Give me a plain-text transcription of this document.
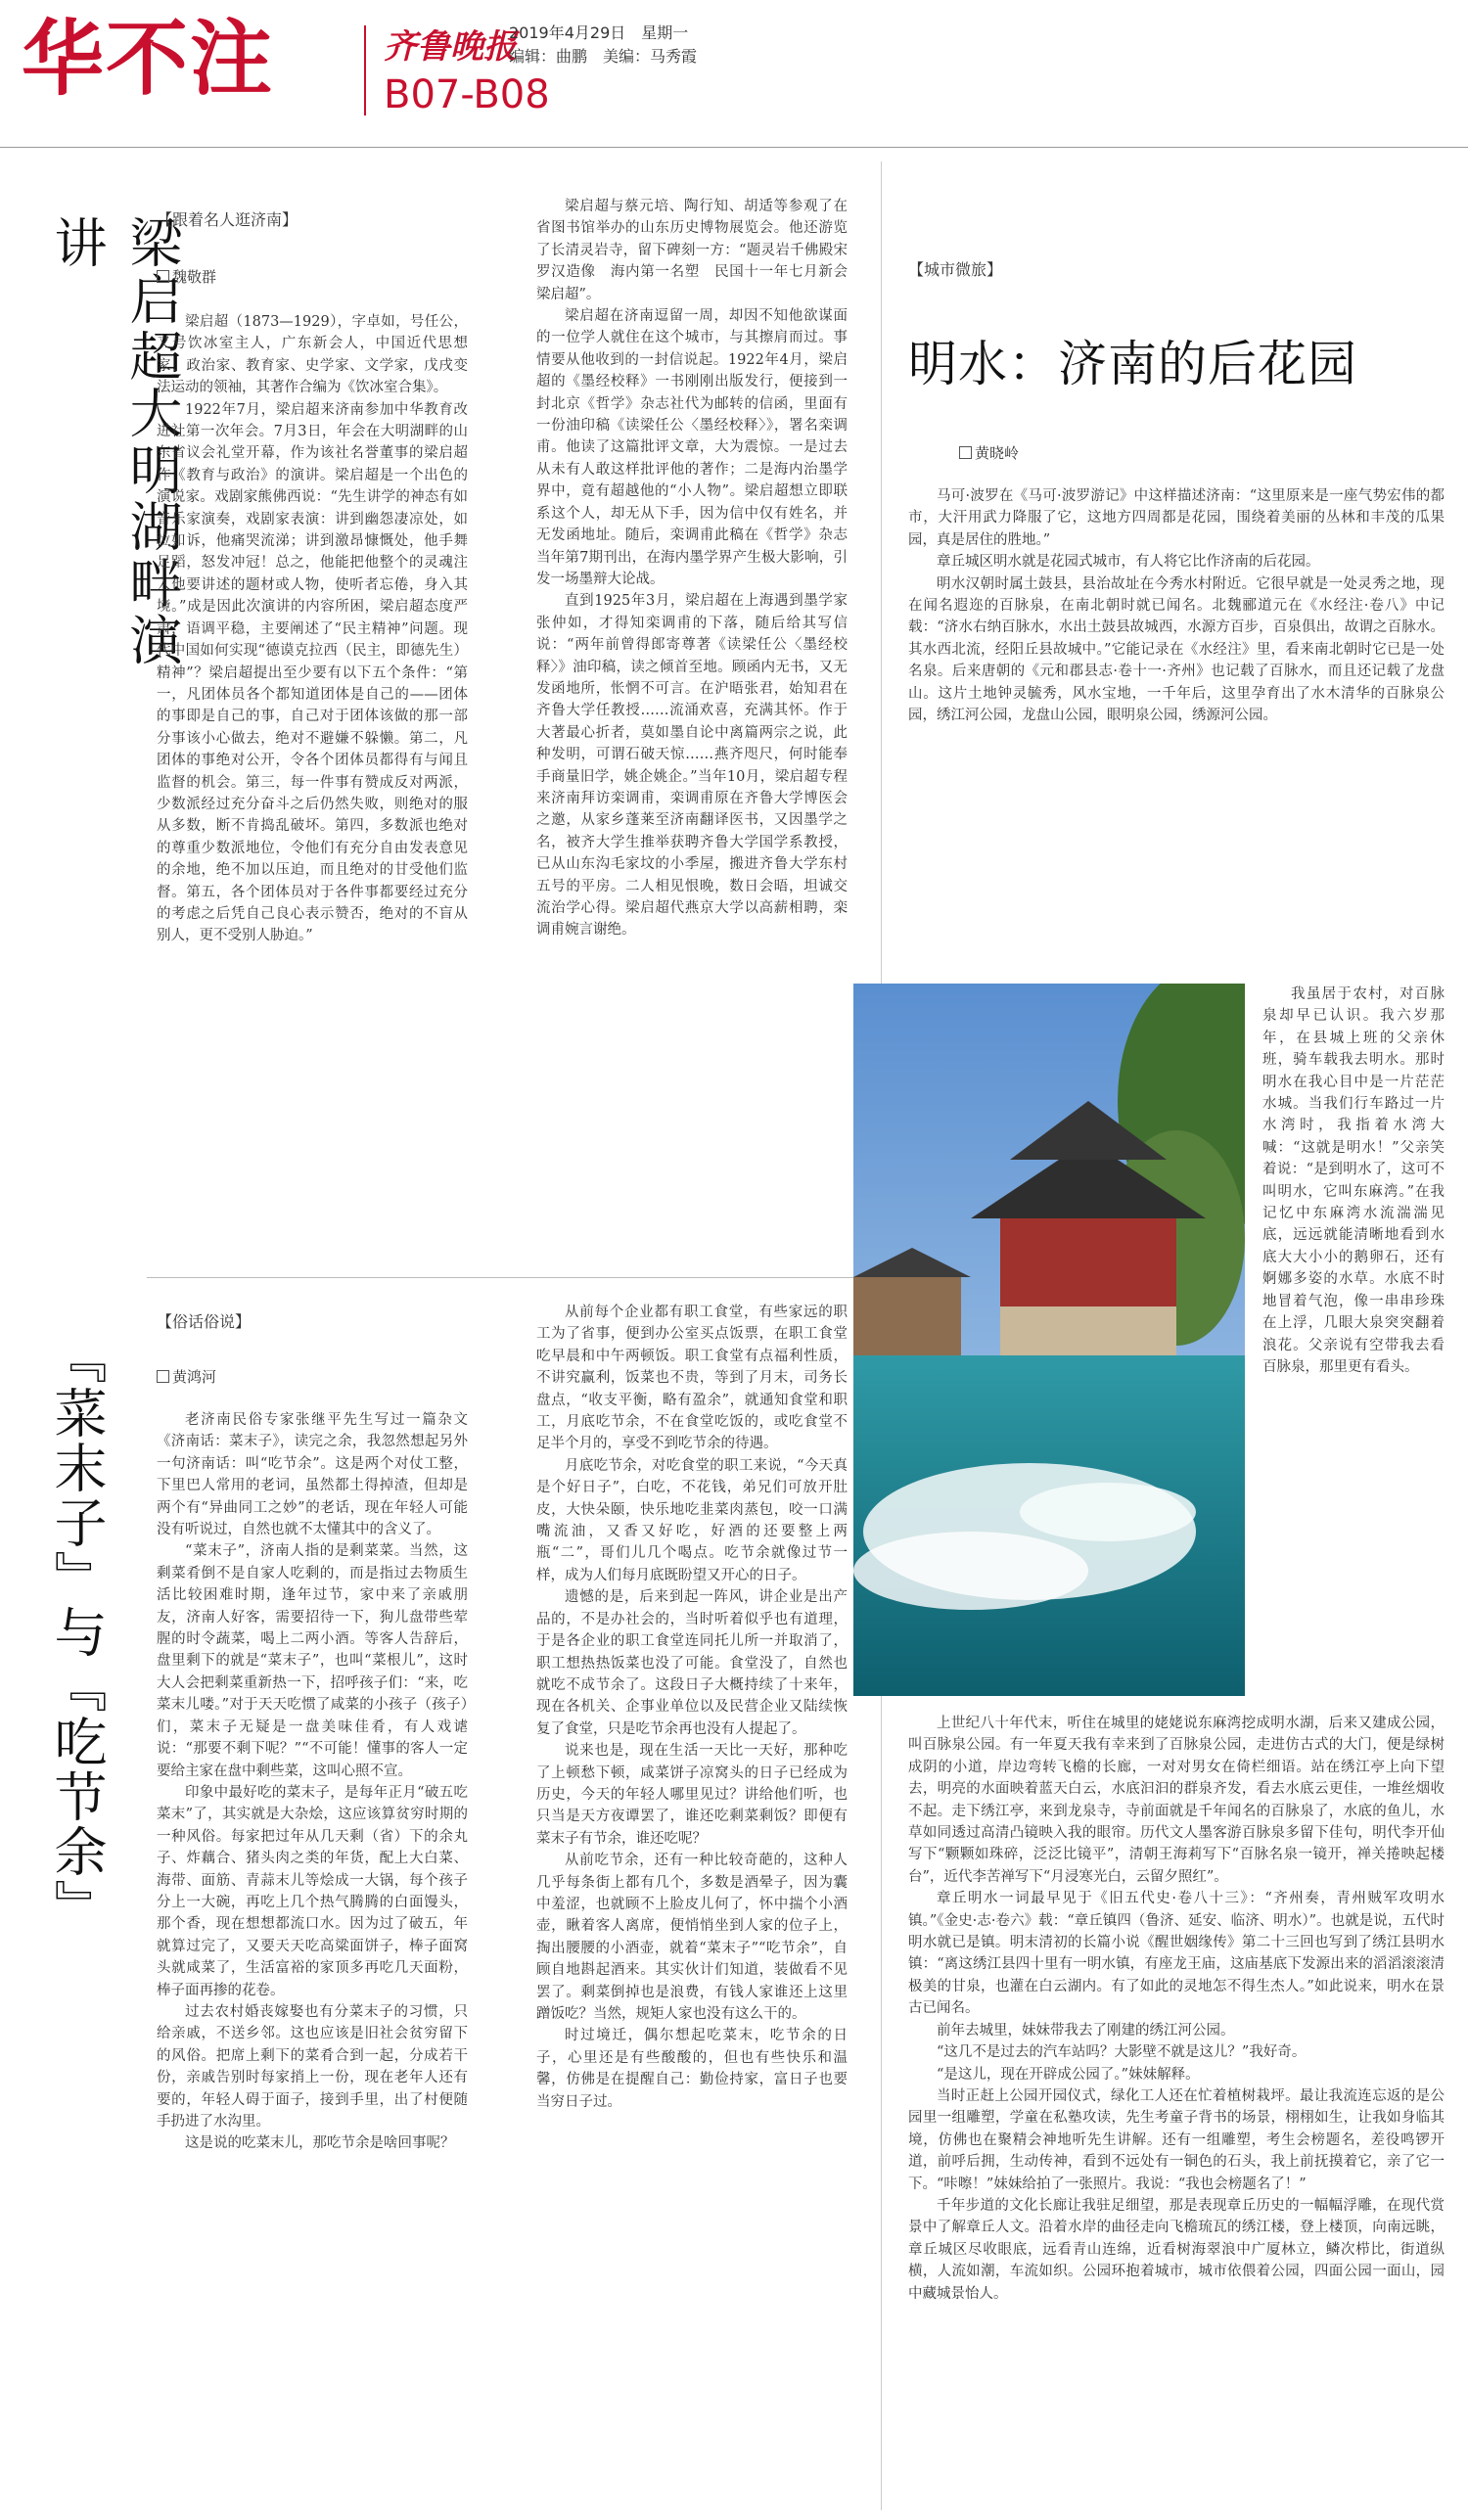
华不注	齐鲁晚报
2019年4月29日　星期一
编辑：曲鹏　美编：马秀霞
B07-B08
梁启超大明湖畔演讲	【跟着名人逛济南】
魏敬群

梁启超（1873—1929），字卓如，号任公，又号饮冰室主人，广东新会人，中国近代思想家、政治家、教育家、史学家、文学家，戊戌变法运动的领袖，其著作合编为《饮冰室合集》。

1922年7月，梁启超来济南参加中华教育改进社第一次年会。7月3日，年会在大明湖畔的山东省议会礼堂开幕，作为该社名誉董事的梁启超作《教育与政治》的演讲。梁启超是一个出色的演说家。戏剧家熊佛西说：“先生讲学的神态有如音乐家演奏，戏剧家表演：讲到幽怨凄凉处，如泣如诉，他痛哭流涕；讲到激昂慷慨处，他手舞足蹈，怒发冲冠！总之，他能把他整个的灵魂注入他要讲述的题材或人物，使听者忘倦，身入其境。”成是因此次演讲的内容所困，梁启超态度严肃，语调平稳，主要阐述了“民主精神”问题。现代中国如何实现“德谟克拉西（民主，即德先生）精神”？梁启超提出至少要有以下五个条件：“第一，凡团体员各个都知道团体是自己的——团体的事即是自己的事，自己对于团体该做的那一部分事该小心做去，绝对不避嫌不躲懒。第二，凡团体的事绝对公开，令各个团体员都得有与闻且监督的机会。第三，每一件事有赞成反对两派，少数派经过充分奋斗之后仍然失败，则绝对的服从多数，断不肯捣乱破坏。第四，多数派也绝对的尊重少数派地位，令他们有充分自由发表意见的余地，绝不加以压迫，而且绝对的甘受他们监督。第五，各个团体员对于各件事都要经过充分的考虑之后凭自己良心表示赞否，绝对的不盲从别人，更不受别人胁迫。”

梁启超与蔡元培、陶行知、胡适等参观了在省图书馆举办的山东历史博物展览会。他还游览了长清灵岩寺，留下碑刻一方：“题灵岩千佛殿宋罗汉造像　海内第一名塑　民国十一年七月新会梁启超”。

梁启超在济南逗留一周，却因不知他欲谋面的一位学人就住在这个城市，与其擦肩而过。事情要从他收到的一封信说起。1922年4月，梁启超的《墨经校释》一书刚刚出版发行，便接到一封北京《哲学》杂志社代为邮转的信函，里面有一份油印稿《读梁任公〈墨经校释〉》，署名栾调甫。他读了这篇批评文章，大为震惊。一是过去从未有人敢这样批评他的著作；二是海内治墨学界中，竟有超越他的“小人物”。梁启超想立即联系这个人，却无从下手，因为信中仅有姓名，并无发函地址。随后，栾调甫此稿在《哲学》杂志当年第7期刊出，在海内墨学界产生极大影响，引发一场墨辩大论战。

直到1925年3月，梁启超在上海遇到墨学家张仲如，才得知栾调甫的下落，随后给其写信说：“两年前曾得郎寄尊著《读梁任公〈墨经校释〉》油印稿，读之倾首至地。顾函内无书，又无发函地所，怅惘不可言。在沪晤张君，始知君在齐鲁大学任教授……流涌欢喜，充满其怀。作于大著最心折者，莫如墨自论中离篇两宗之说，此种发明，可谓石破天惊……燕齐咫尺，何时能奉手商量旧学，姚企姚企。”当年10月，梁启超专程来济南拜访栾调甫，栾调甫原在齐鲁大学博医会之邀，从家乡蓬莱至济南翻译医书，又因墨学之名，被齐大学生推举获聘齐鲁大学国学系教授，已从山东沟毛家坟的小季屋，搬进齐鲁大学东村五号的平房。二人相见恨晚，数日会晤，坦诚交流治学心得。梁启超代燕京大学以高薪相聘，栾调甫婉言谢绝。

『菜末子』与『吃节余』
【俗话俗说】
黄鸿河

老济南民俗专家张继平先生写过一篇杂文《济南话：菜末子》，读完之余，我忽然想起另外一句济南话：叫“吃节余”。这是两个对仗工整，下里巴人常用的老词，虽然都土得掉渣，但却是两个有“异曲同工之妙”的老话，现在年轻人可能没有听说过，自然也就不太懂其中的含义了。

“菜末子”，济南人指的是剩菜菜。当然，这剩菜肴倒不是自家人吃剩的，而是指过去物质生活比较困难时期，逢年过节，家中来了亲戚朋友，济南人好客，需要招待一下，狗儿盘带些荤腥的时令蔬菜，喝上二两小酒。等客人告辞后，盘里剩下的就是“菜末子”，也叫“菜根儿”，这时大人会把剩菜重新热一下，招呼孩子们：“来，吃菜末儿喽。”对于天天吃惯了咸菜的小孩子（孩子）们，菜末子无疑是一盘美味佳肴，有人戏谑说：“那要不剩下呢？”“不可能！懂事的客人一定要给主家在盘中剩些菜，这叫心照不宣。

印象中最好吃的菜末子，是每年正月“破五吃菜末”了，其实就是大杂烩，这应该算贫穷时期的一种风俗。每家把过年从几天剩（省）下的余丸子、炸藕合、猪头肉之类的年货，配上大白菜、海带、面筋、青蒜末儿等烩成一大锅，每个孩子分上一大碗，再吃上几个热气腾腾的白面馒头，那个香，现在想想都流口水。因为过了破五，年就算过完了，又要天天吃高粱面饼子，棒子面窝头就咸菜了，生活富裕的家顶多再吃几天面粉，棒子面再掺的花卷。

过去农村婚丧嫁娶也有分菜末子的习惯，只给亲戚，不送乡邻。这也应该是旧社会贫穷留下的风俗。把席上剩下的菜肴合到一起，分成若干份，亲戚告别时每家捎上一份，现在老年人还有要的，年轻人碍于面子，接到手里，出了村便随手扔进了水沟里。

这是说的吃菜末儿，那吃节余是啥回事呢？

从前每个企业都有职工食堂，有些家远的职工为了省事，便到办公室买点饭票，在职工食堂吃早晨和中午两顿饭。职工食堂有点福利性质，不讲究赢利，饭菜也不贵，等到了月末，司务长盘点，“收支平衡，略有盈余”，就通知食堂和职工，月底吃节余，不在食堂吃饭的，或吃食堂不足半个月的，享受不到吃节余的待遇。

月底吃节余，对吃食堂的职工来说，“今天真是个好日子”，白吃，不花钱，弟兄们可放开肚皮，大快朵颐，快乐地吃韭菜肉蒸包，咬一口满嘴流油，又香又好吃，好酒的还要整上两瓶“二”，哥们儿几个喝点。吃节余就像过节一样，成为人们每月底既盼望又开心的日子。

遗憾的是，后来到起一阵风，讲企业是出产品的，不是办社会的，当时听着似乎也有道理，于是各企业的职工食堂连同托儿所一并取消了，职工想热热饭菜也没了可能。食堂没了，自然也就吃不成节余了。这段日子大概持续了十来年，现在各机关、企事业单位以及民营企业又陆续恢复了食堂，只是吃节余再也没有人提起了。

说来也是，现在生活一天比一天好，那种吃了上顿愁下顿，咸菜饼子凉窝头的日子已经成为历史，今天的年轻人哪里见过？讲给他们听，也只当是天方夜谭罢了，谁还吃剩菜剩饭？即便有菜末子有节余，谁还吃呢？

从前吃节余，还有一种比较奇葩的，这种人几乎每条街上都有几个，多数是酒晕子，因为囊中羞涩，也就顾不上脸皮儿何了，怀中揣个小酒壶，瞅着客人离席，便悄悄坐到人家的位子上，掏出腰腰的小酒壶，就着“菜末子”“吃节余”，自顾自地斟起酒来。其实伙计们知道，装做看不见罢了。剩菜倒掉也是浪费，有钱人家谁还上这里蹭饭吃？当然，规矩人家也没有这么干的。

时过境迁，偶尔想起吃菜末，吃节余的日子，心里还是有些酸酸的，但也有些快乐和温馨，仿佛是在提醒自己：勤俭持家，富日子也要当穷日子过。

【城市微旅】
明水：济南的后花园
黄晓岭

马可·波罗在《马可·波罗游记》中这样描述济南：“这里原来是一座气势宏伟的都市，大汗用武力降服了它，这地方四周都是花园，围绕着美丽的丛林和丰茂的瓜果园，真是居住的胜地。”

章丘城区明水就是花园式城市，有人将它比作济南的后花园。

明水汉朝时属土鼓县，县治故址在今秀水村附近。它很早就是一处灵秀之地，现在闻名遐迩的百脉泉，在南北朝时就已闻名。北魏郦道元在《水经注·卷八》中记载：“济水右纳百脉水，水出土鼓县故城西，水源方百步，百泉俱出，故谓之百脉水。其水西北流，经阳丘县故城中。”它能记录在《水经注》里，看来南北朝时它已是一处名泉。后来唐朝的《元和郡县志·卷十一·齐州》也记载了百脉水，而且还记载了龙盘山。这片土地钟灵毓秀，风水宝地，一千年后，这里孕育出了水木清华的百脉泉公园，绣江河公园，龙盘山公园，眼明泉公园，绣源河公园。

我虽居于农村，对百脉泉却早已认识。我六岁那年，在县城上班的父亲休班，骑车载我去明水。那时明水在我心目中是一片茫茫水城。当我们行车路过一片水湾时，我指着水湾大喊：“这就是明水！”父亲笑着说：“是到明水了，这可不叫明水，它叫东麻湾。”在我记忆中东麻湾水流湍湍见底，远远就能清晰地看到水底大大小小的鹅卵石，还有婀娜多姿的水草。水底不时地冒着气泡，像一串串珍珠在上浮，几眼大泉突突翻着浪花。父亲说有空带我去看百脉泉，那里更有看头。

上世纪八十年代末，听住在城里的姥姥说东麻湾挖成明水湖，后来又建成公园，叫百脉泉公园。有一年夏天我有幸来到了百脉泉公园，走进仿古式的大门，便是绿树成阴的小道，岸边弯转飞檐的长廊，一对对男女在倚栏细语。站在绣江亭上向下望去，明亮的水面映着蓝天白云，水底汩汩的群泉齐发，看去水底云更佳，一堆丝烟收不起。走下绣江亭，来到龙泉寺，寺前面就是千年闻名的百脉泉了，水底的鱼儿，水草如同透过高清凸镜映入我的眼帘。历代文人墨客游百脉泉多留下佳句，明代李开仙写下“颗颗如珠碎，泛泛比镜平”，清朝王海莉写下“百脉名泉一镜开，禅关捲映起楼台”，近代李苦禅写下“月浸寒光白，云留夕照红”。

章丘明水一词最早见于《旧五代史·卷八十三》：“齐州奏，青州贼军攻明水镇。”《金史·志·卷六》载：“章丘镇四（鲁济、延安、临济、明水）”。也就是说，五代时明水就已是镇。明末清初的长篇小说《醒世姻缘传》第二十三回也写到了绣江县明水镇：“离这绣江县四十里有一明水镇，有座龙王庙，这庙基底下发源出来的滔滔滚滚清极美的甘泉，也灌在白云湖内。有了如此的灵地怎不得生杰人。”如此说来，明水在景古已闻名。

前年去城里，妹妹带我去了刚建的绣江河公园。

“这几不是过去的汽车站吗？大影壁不就是这儿？”我好奇。

“是这儿，现在开辟成公园了。”妹妹解释。

当时正赶上公园开园仪式，绿化工人还在忙着植树栽坪。最让我流连忘返的是公园里一组雕塑，学童在私塾攻读，先生考童子背书的场景，栩栩如生，让我如身临其境，仿佛也在聚精会神地听先生讲解。还有一组雕塑，考生会榜题名，差役鸣锣开道，前呼后拥，生动传神，看到不远处有一铜色的石头，我上前抚摸着它，亲了它一下。“咔嚓！”妹妹给拍了一张照片。我说：“我也会榜题名了！”

千年步道的文化长廊让我驻足细望，那是表现章丘历史的一幅幅浮雕，在现代赏景中了解章丘人文。沿着水岸的曲径走向飞檐琉瓦的绣江楼，登上楼顶，向南远眺，章丘城区尽收眼底，远看青山连绵，近看树海翠浪中广厦林立，鳞次栉比，街道纵横，人流如潮，车流如织。公园环抱着城市，城市依偎着公园，四面公园一面山，园中藏城景怡人。
